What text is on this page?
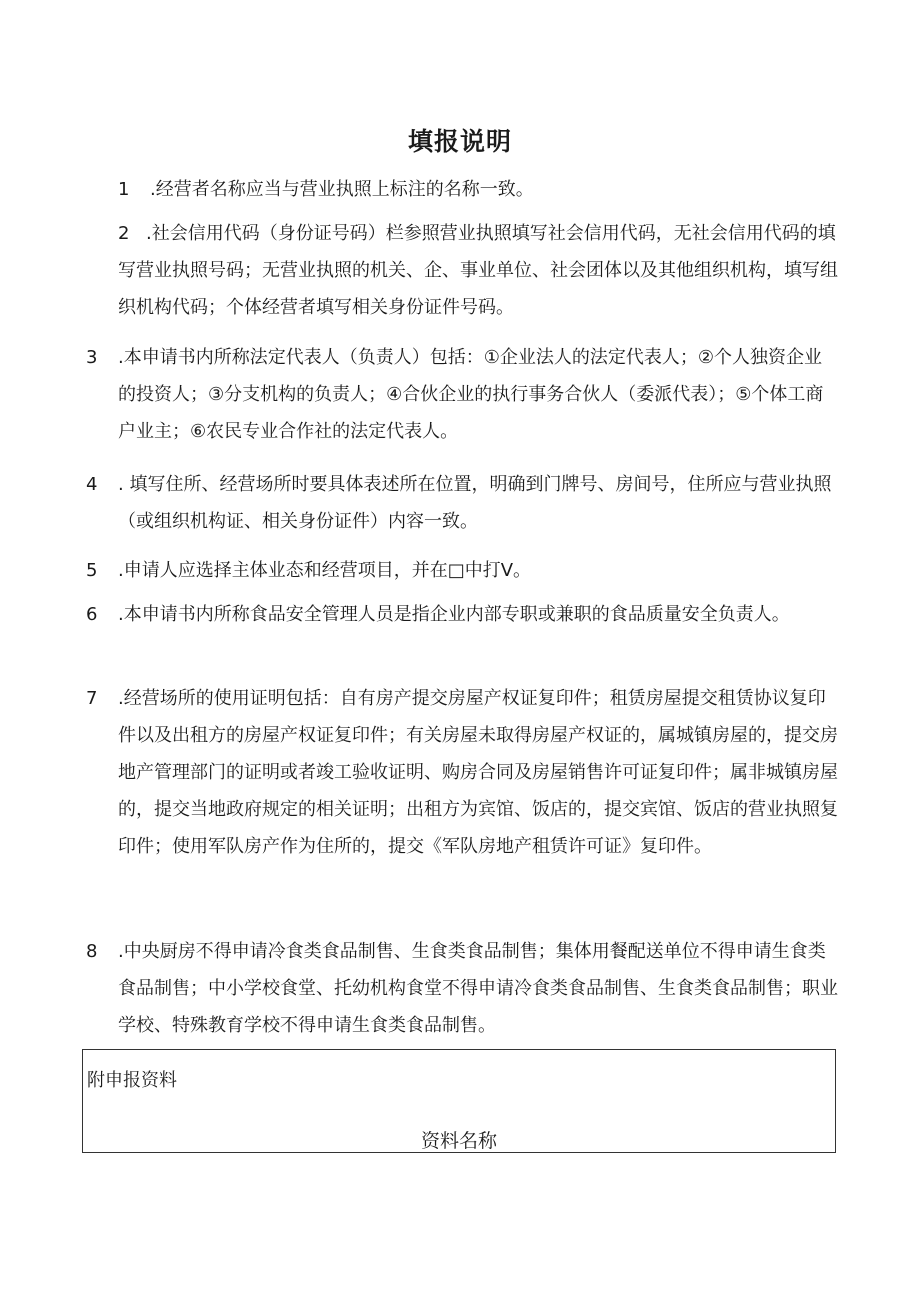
填报说明

1 .经营者名称应当与营业执照上标注的名称一致。

2 .社会信用代码（身份证号码）栏参照营业执照填写社会信用代码，无社会信用代码的填写营业执照号码；无营业执照的机关、企、事业单位、社会团体以及其他组织机构，填写组织机构代码；个体经营者填写相关身份证件号码。

3 .本申请书内所称法定代表人（负责人）包括：①企业法人的法定代表人；②个人独资企业的投资人；③分支机构的负责人；④合伙企业的执行事务合伙人（委派代表）；⑤个体工商户业主；⑥农民专业合作社的法定代表人。

4 . 填写住所、经营场所时要具体表述所在位置，明确到门牌号、房间号，住所应与营业执照（或组织机构证、相关身份证件）内容一致。

5 .申请人应选择主体业态和经营项目，并在□中打V。

6 .本申请书内所称食品安全管理人员是指企业内部专职或兼职的食品质量安全负责人。

7 .经营场所的使用证明包括：自有房产提交房屋产权证复印件；租赁房屋提交租赁协议复印件以及出租方的房屋产权证复印件；有关房屋未取得房屋产权证的，属城镇房屋的，提交房地产管理部门的证明或者竣工验收证明、购房合同及房屋销售许可证复印件；属非城镇房屋的，提交当地政府规定的相关证明；出租方为宾馆、饭店的，提交宾馆、饭店的营业执照复印件；使用军队房产作为住所的，提交《军队房地产租赁许可证》复印件。

8 .中央厨房不得申请冷食类食品制售、生食类食品制售；集体用餐配送单位不得申请生食类食品制售；中小学校食堂、托幼机构食堂不得申请冷食类食品制售、生食类食品制售；职业学校、特殊教育学校不得申请生食类食品制售。

附申报资料
资料名称
